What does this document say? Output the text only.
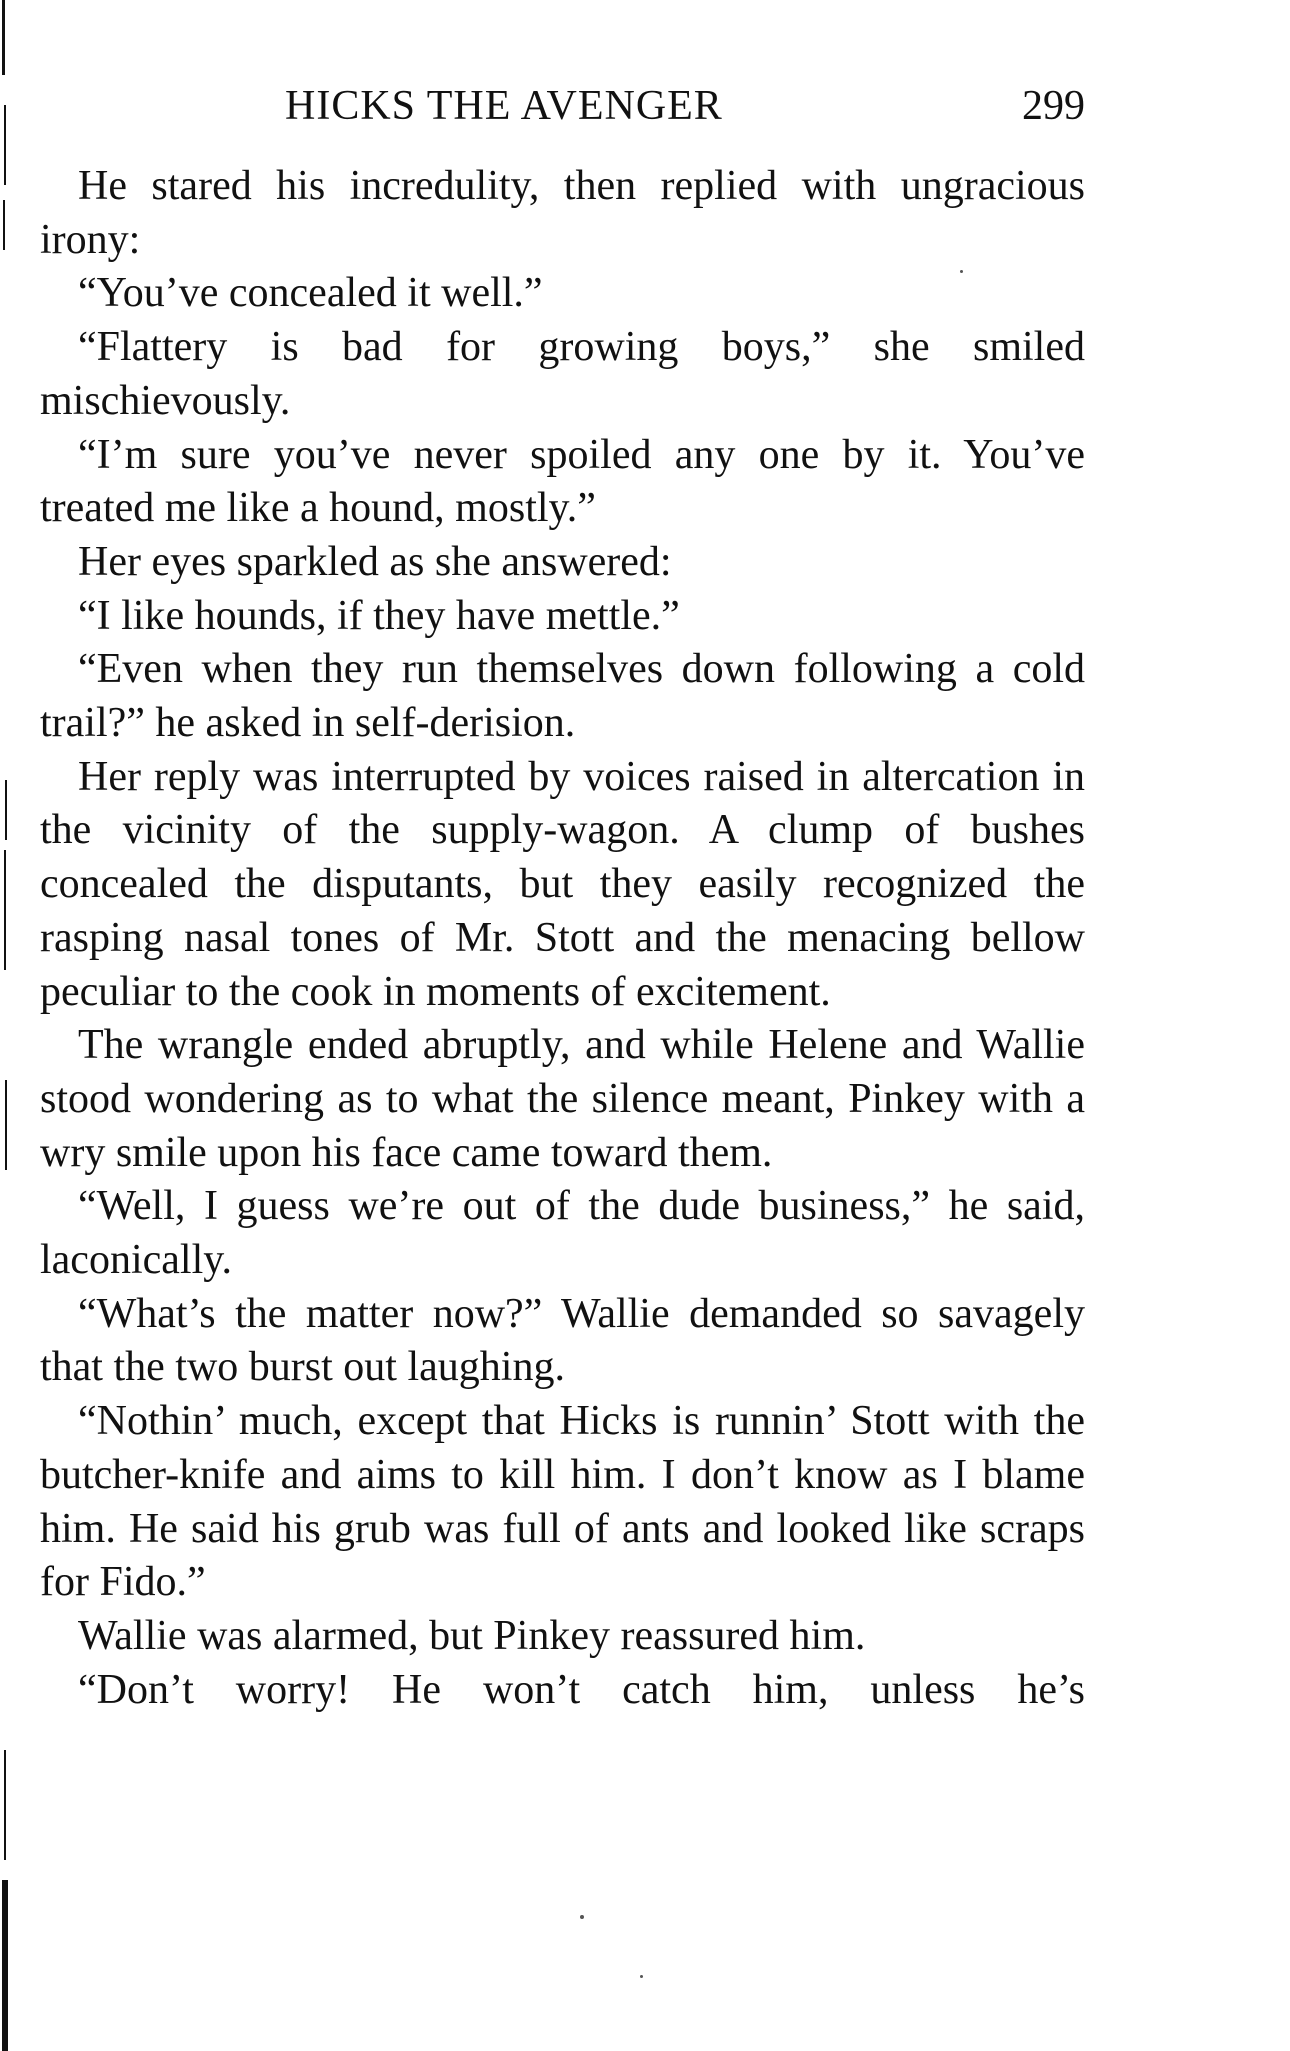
HICKS THE AVENGER	299

He stared his incredulity, then replied with ungracious irony:

“You’ve concealed it well.”

“Flattery is bad for growing boys,” she smiled mischievously.

“I’m sure you’ve never spoiled any one by it. You’ve treated me like a hound, mostly.”

Her eyes sparkled as she answered:

“I like hounds, if they have mettle.”

“Even when they run themselves down following a cold trail?” he asked in self-derision.

Her reply was interrupted by voices raised in altercation in the vicinity of the supply-wagon. A clump of bushes concealed the disputants, but they easily recognized the rasping nasal tones of Mr. Stott and the menacing bellow peculiar to the cook in moments of excitement.

The wrangle ended abruptly, and while Helene and Wallie stood wondering as to what the silence meant, Pinkey with a wry smile upon his face came toward them.

“Well, I guess we’re out of the dude business,” he said, laconically.

“What’s the matter now?” Wallie demanded so savagely that the two burst out laughing.

“Nothin’ much, except that Hicks is runnin’ Stott with the butcher-knife and aims to kill him. I don’t know as I blame him. He said his grub was full of ants and looked like scraps for Fido.”

Wallie was alarmed, but Pinkey reassured him.

“Don’t worry! He won’t catch him, unless he’s
